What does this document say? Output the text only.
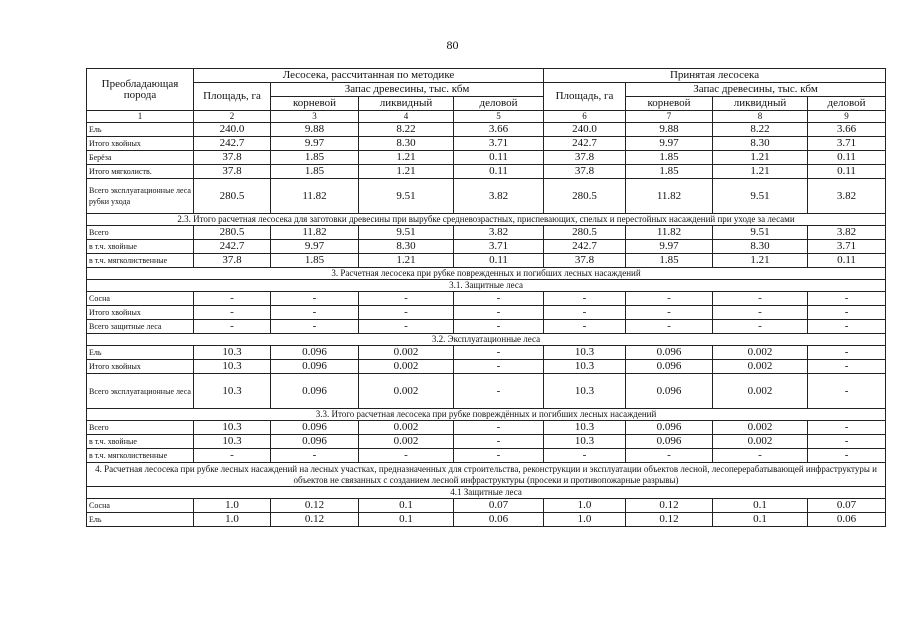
80
Преобладающая порода	Лесосека, рассчитанная по методике				Принятая лесосека			
	Площадь, га	Запас древесины, тыс. кбм			Площадь, га	Запас древесины, тыс. кбм		
		корневой	ликвидный	деловой		корневой	ликвидный	деловой
1	2	3	4	5	6	7	8	9
Ель	240.0	9.88	8.22	3.66	240.0	9.88	8.22	3.66
Итого хвойных	242.7	9.97	8.30	3.71	242.7	9.97	8.30	3.71
Берёза	37.8	1.85	1.21	0.11	37.8	1.85	1.21	0.11
Итого мягколиств.	37.8	1.85	1.21	0.11	37.8	1.85	1.21	0.11
Всего эксплуатационные леса рубки ухода	280.5	11.82	9.51	3.82	280.5	11.82	9.51	3.82
2.3. Итого расчетная лесосека для заготовки древесины при вырубке средневозрастных, приспевающих, спелых и перестойных насаждений при уходе за лесами								
Всего	280.5	11.82	9.51	3.82	280.5	11.82	9.51	3.82
в т.ч. хвойные	242.7	9.97	8.30	3.71	242.7	9.97	8.30	3.71
в т.ч. мягколиственные	37.8	1.85	1.21	0.11	37.8	1.85	1.21	0.11
3. Расчетная лесосека при рубке поврежденных и погибших лесных насаждений								
3.1. Защитные леса								
Сосна	-	-	-	-	-	-	-	-
Итого хвойных	-	-	-	-	-	-	-	-
Всего защитные леса	-	-	-	-	-	-	-	-
3.2. Эксплуатационные леса								
Ель	10.3	0.096	0.002	-	10.3	0.096	0.002	-
Итого хвойных	10.3	0.096	0.002	-	10.3	0.096	0.002	-
Всего эксплуатационные леса	10.3	0.096	0.002	-	10.3	0.096	0.002	-
3.3. Итого расчетная лесосека при рубке повреждённых и погибших лесных насаждений								
Всего	10.3	0.096	0.002	-	10.3	0.096	0.002	-
в т.ч. хвойные	10.3	0.096	0.002	-	10.3	0.096	0.002	-
в т.ч. мягколиственные	-	-	-	-	-	-	-	-
4. Расчетная лесосека при рубке лесных насаждений на лесных участках, предназначенных для строительства, реконструкции и эксплуатации объектов лесной, лесоперерабатывающей инфраструктуры и объектов не связанных с созданием лесной инфраструктуры (просеки и противопожарные разрывы)								
4.1 Защитные леса								
Сосна	1.0	0.12	0.1	0.07	1.0	0.12	0.1	0.07
Ель	1.0	0.12	0.1	0.06	1.0	0.12	0.1	0.06
